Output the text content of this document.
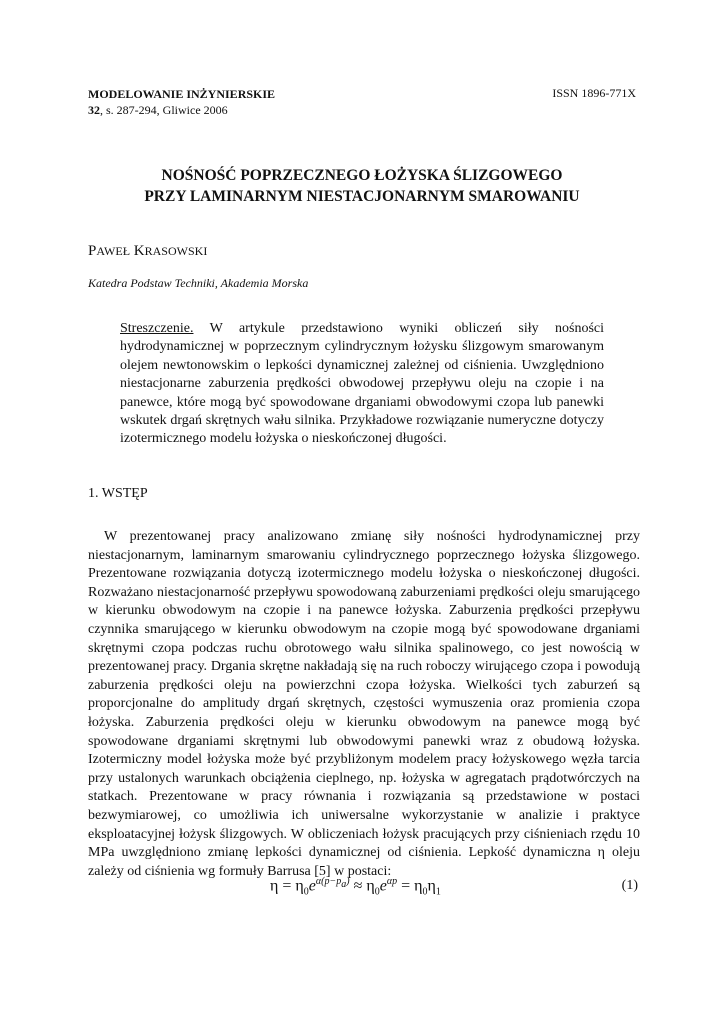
MODELOWANIE INŻYNIERSKIE
32, s. 287-294, Gliwice 2006
ISSN 1896-771X
NOŚNOŚĆ POPRZECZNEGO ŁOŻYSKA ŚLIZGOWEGO
PRZY LAMINARNYM NIESTACJONARNYM SMAROWANIU
PAWEŁ KRASOWSKI
Katedra Podstaw Techniki, Akademia Morska
Streszczenie. W artykule przedstawiono wyniki obliczeń siły nośności hydrodynamicznej w poprzecznym cylindrycznym łożysku ślizgowym smarowanym olejem newtonowskim o lepkości dynamicznej zależnej od ciśnienia. Uwzględniono niestacjonarne zaburzenia prędkości obwodowej przepływu oleju na czopie i na panewce, które mogą być spowodowane drganiami obwodowymi czopa lub panewki wskutek drgań skrętnych wału silnika. Przykładowe rozwiązanie numeryczne dotyczy izotermicznego modelu łożyska o nieskończonej długości.
1. WSTĘP
W prezentowanej pracy analizowano zmianę siły nośności hydrodynamicznej przy niestacjonarnym, laminarnym smarowaniu cylindrycznego poprzecznego łożyska ślizgowego. Prezentowane rozwiązania dotyczą izotermicznego modelu łożyska o nieskończonej długości. Rozważano niestacjonarność przepływu spowodowaną zaburzeniami prędkości oleju smarującego w kierunku obwodowym na czopie i na panewce łożyska. Zaburzenia prędkości przepływu czynnika smarującego w kierunku obwodowym na czopie mogą być spowodowane drganiami skrętnymi czopa podczas ruchu obrotowego wału silnika spalinowego, co jest nowością w prezentowanej pracy. Drgania skrętne nakładają się na ruch roboczy wirującego czopa i powodują zaburzenia prędkości oleju na powierzchni czopa łożyska. Wielkości tych zaburzeń są proporcjonalne do amplitudy drgań skrętnych, częstości wymuszenia oraz promienia czopa łożyska. Zaburzenia prędkości oleju w kierunku obwodowym na panewce mogą być spowodowane drganiami skrętnymi lub obwodowymi panewki wraz z obudową łożyska. Izotermiczny model łożyska może być przybliżonym modelem pracy łożyskowego węzła tarcia przy ustalonych warunkach obciążenia cieplnego, np. łożyska w agregatach prądotwórczych na statkach. Prezentowane w pracy równania i rozwiązania są przedstawione w postaci bezwymiarowej, co umożliwia ich uniwersalne wykorzystanie w analizie i praktyce eksploatacyjnej łożysk ślizgowych. W obliczeniach łożysk pracujących przy ciśnieniach rzędu 10 MPa uwzględniono zmianę lepkości dynamicznej od ciśnienia. Lepkość dynamiczna η oleju zależy od ciśnienia wg formuły Barrusa [5] w postaci:
$\eta = \eta_0e^{\alpha(p-p_a)} \approx \eta_0e^{\alpha p} = \eta_0\eta_1$	(1)
